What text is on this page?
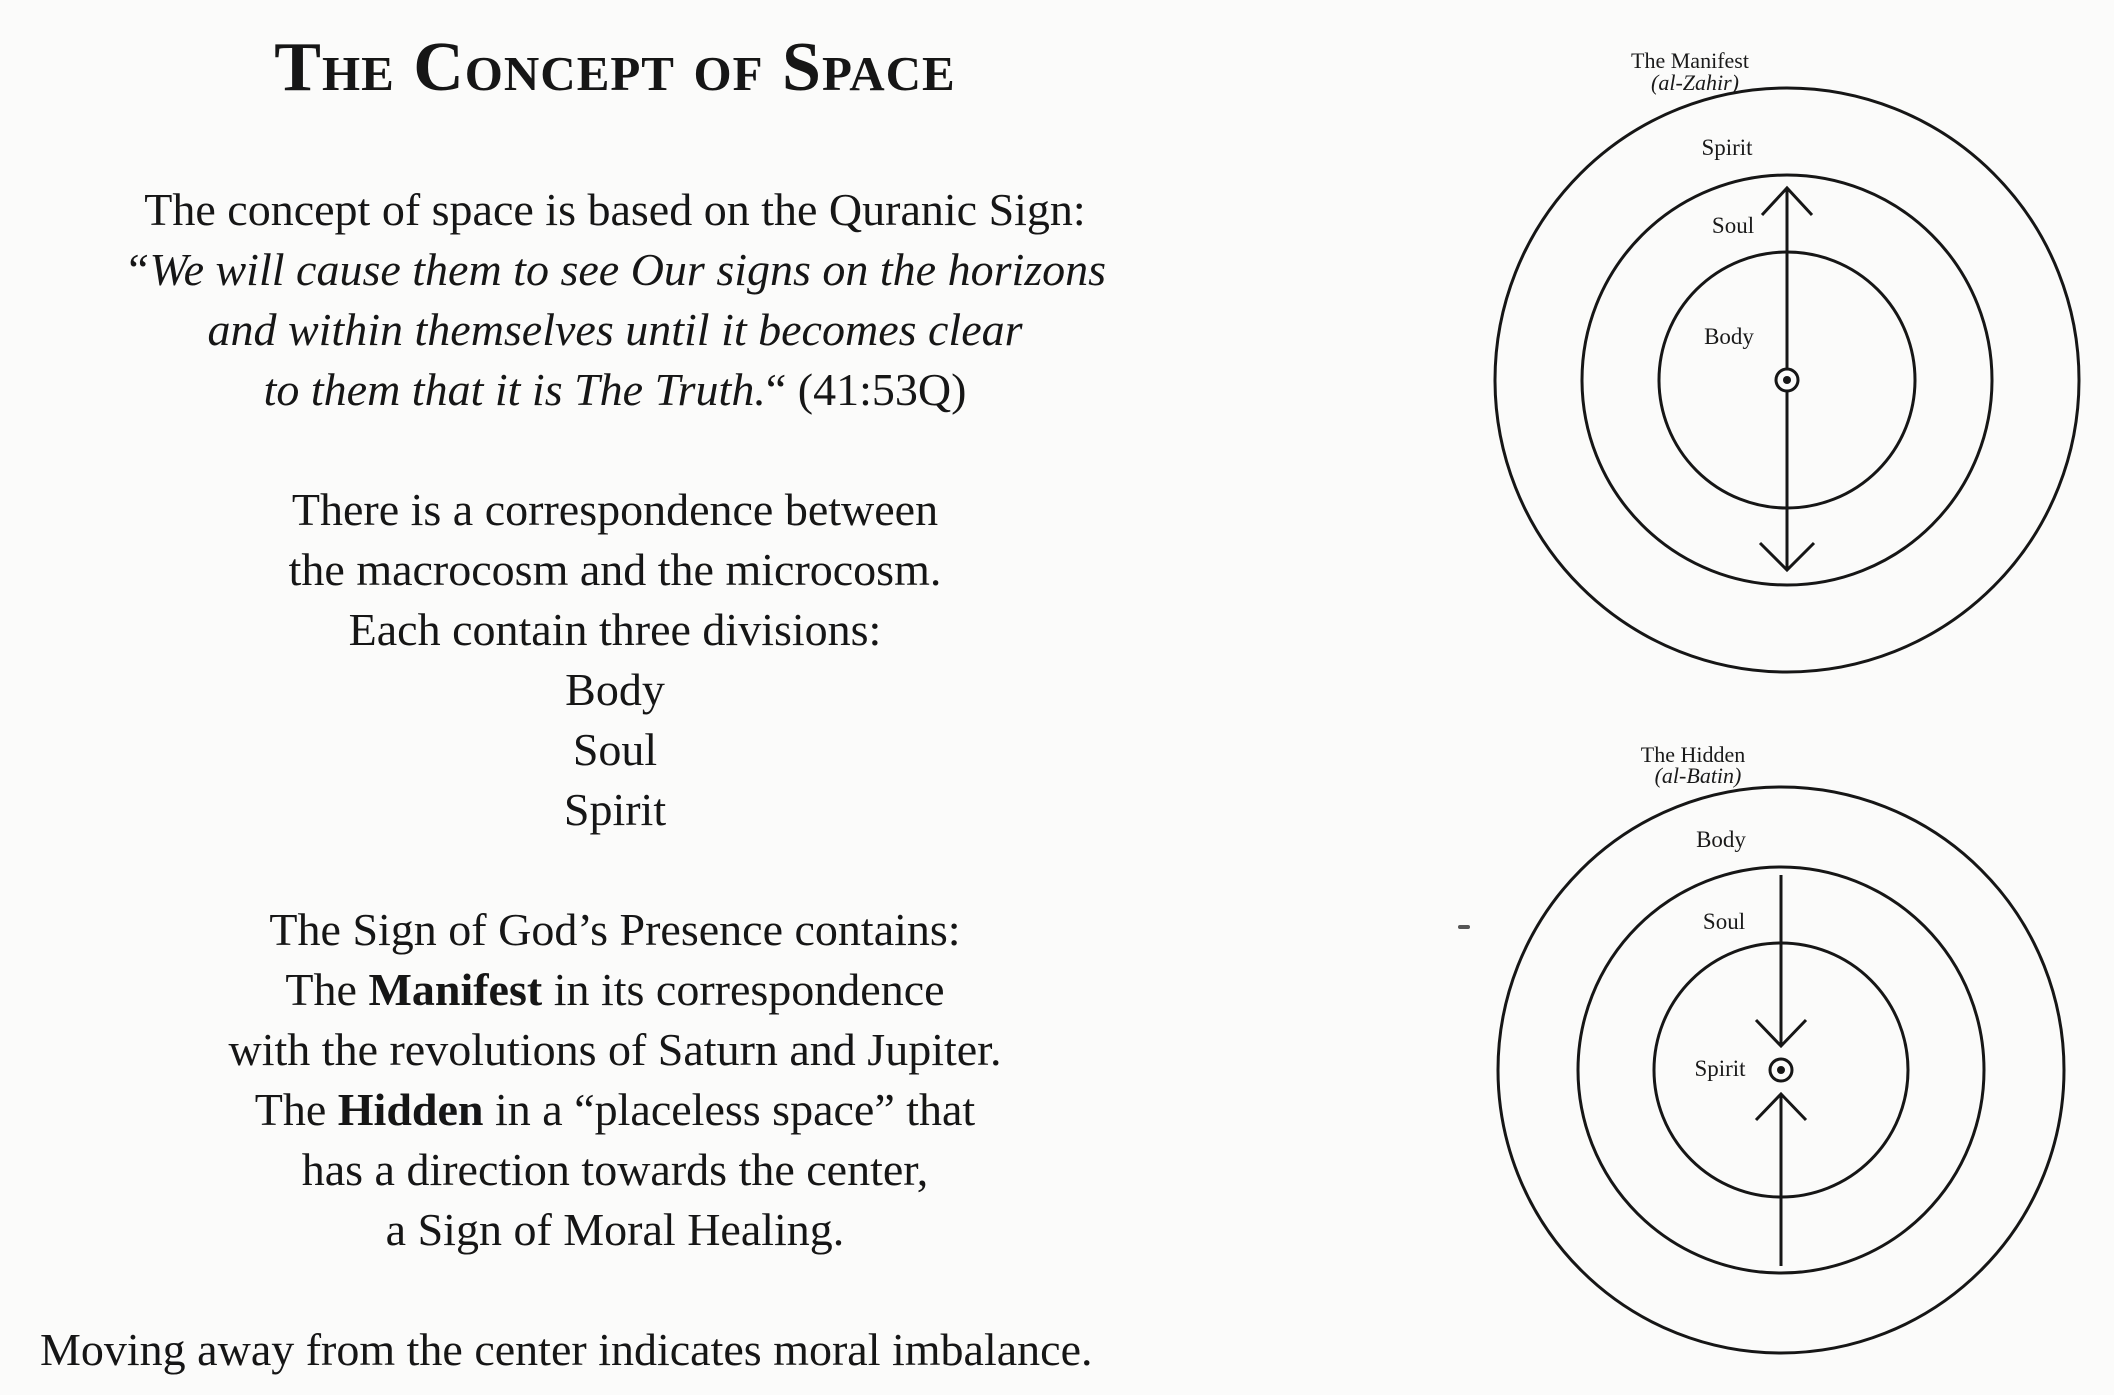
The Concept of Space

The concept of space is based on the Quranic Sign:
“We will cause them to see Our signs on the horizons
and within themselves until it becomes clear
to them that it is The Truth.“ (41:53Q)

There is a correspondence between
the macrocosm and the microcosm.
Each contain three divisions:
Body
Soul
Spirit

The Sign of God’s Presence contains:
The Manifest in its correspondence
with the revolutions of Saturn and Jupiter.
The Hidden in a “placeless space” that
has a direction towards the center,
a Sign of Moral Healing.

Moving away from the center indicates moral imbalance.
The Manifest
(al-Zahir)
Spirit
Soul
Body
The Hidden
(al-Batin)
Body
Soul
Spirit
